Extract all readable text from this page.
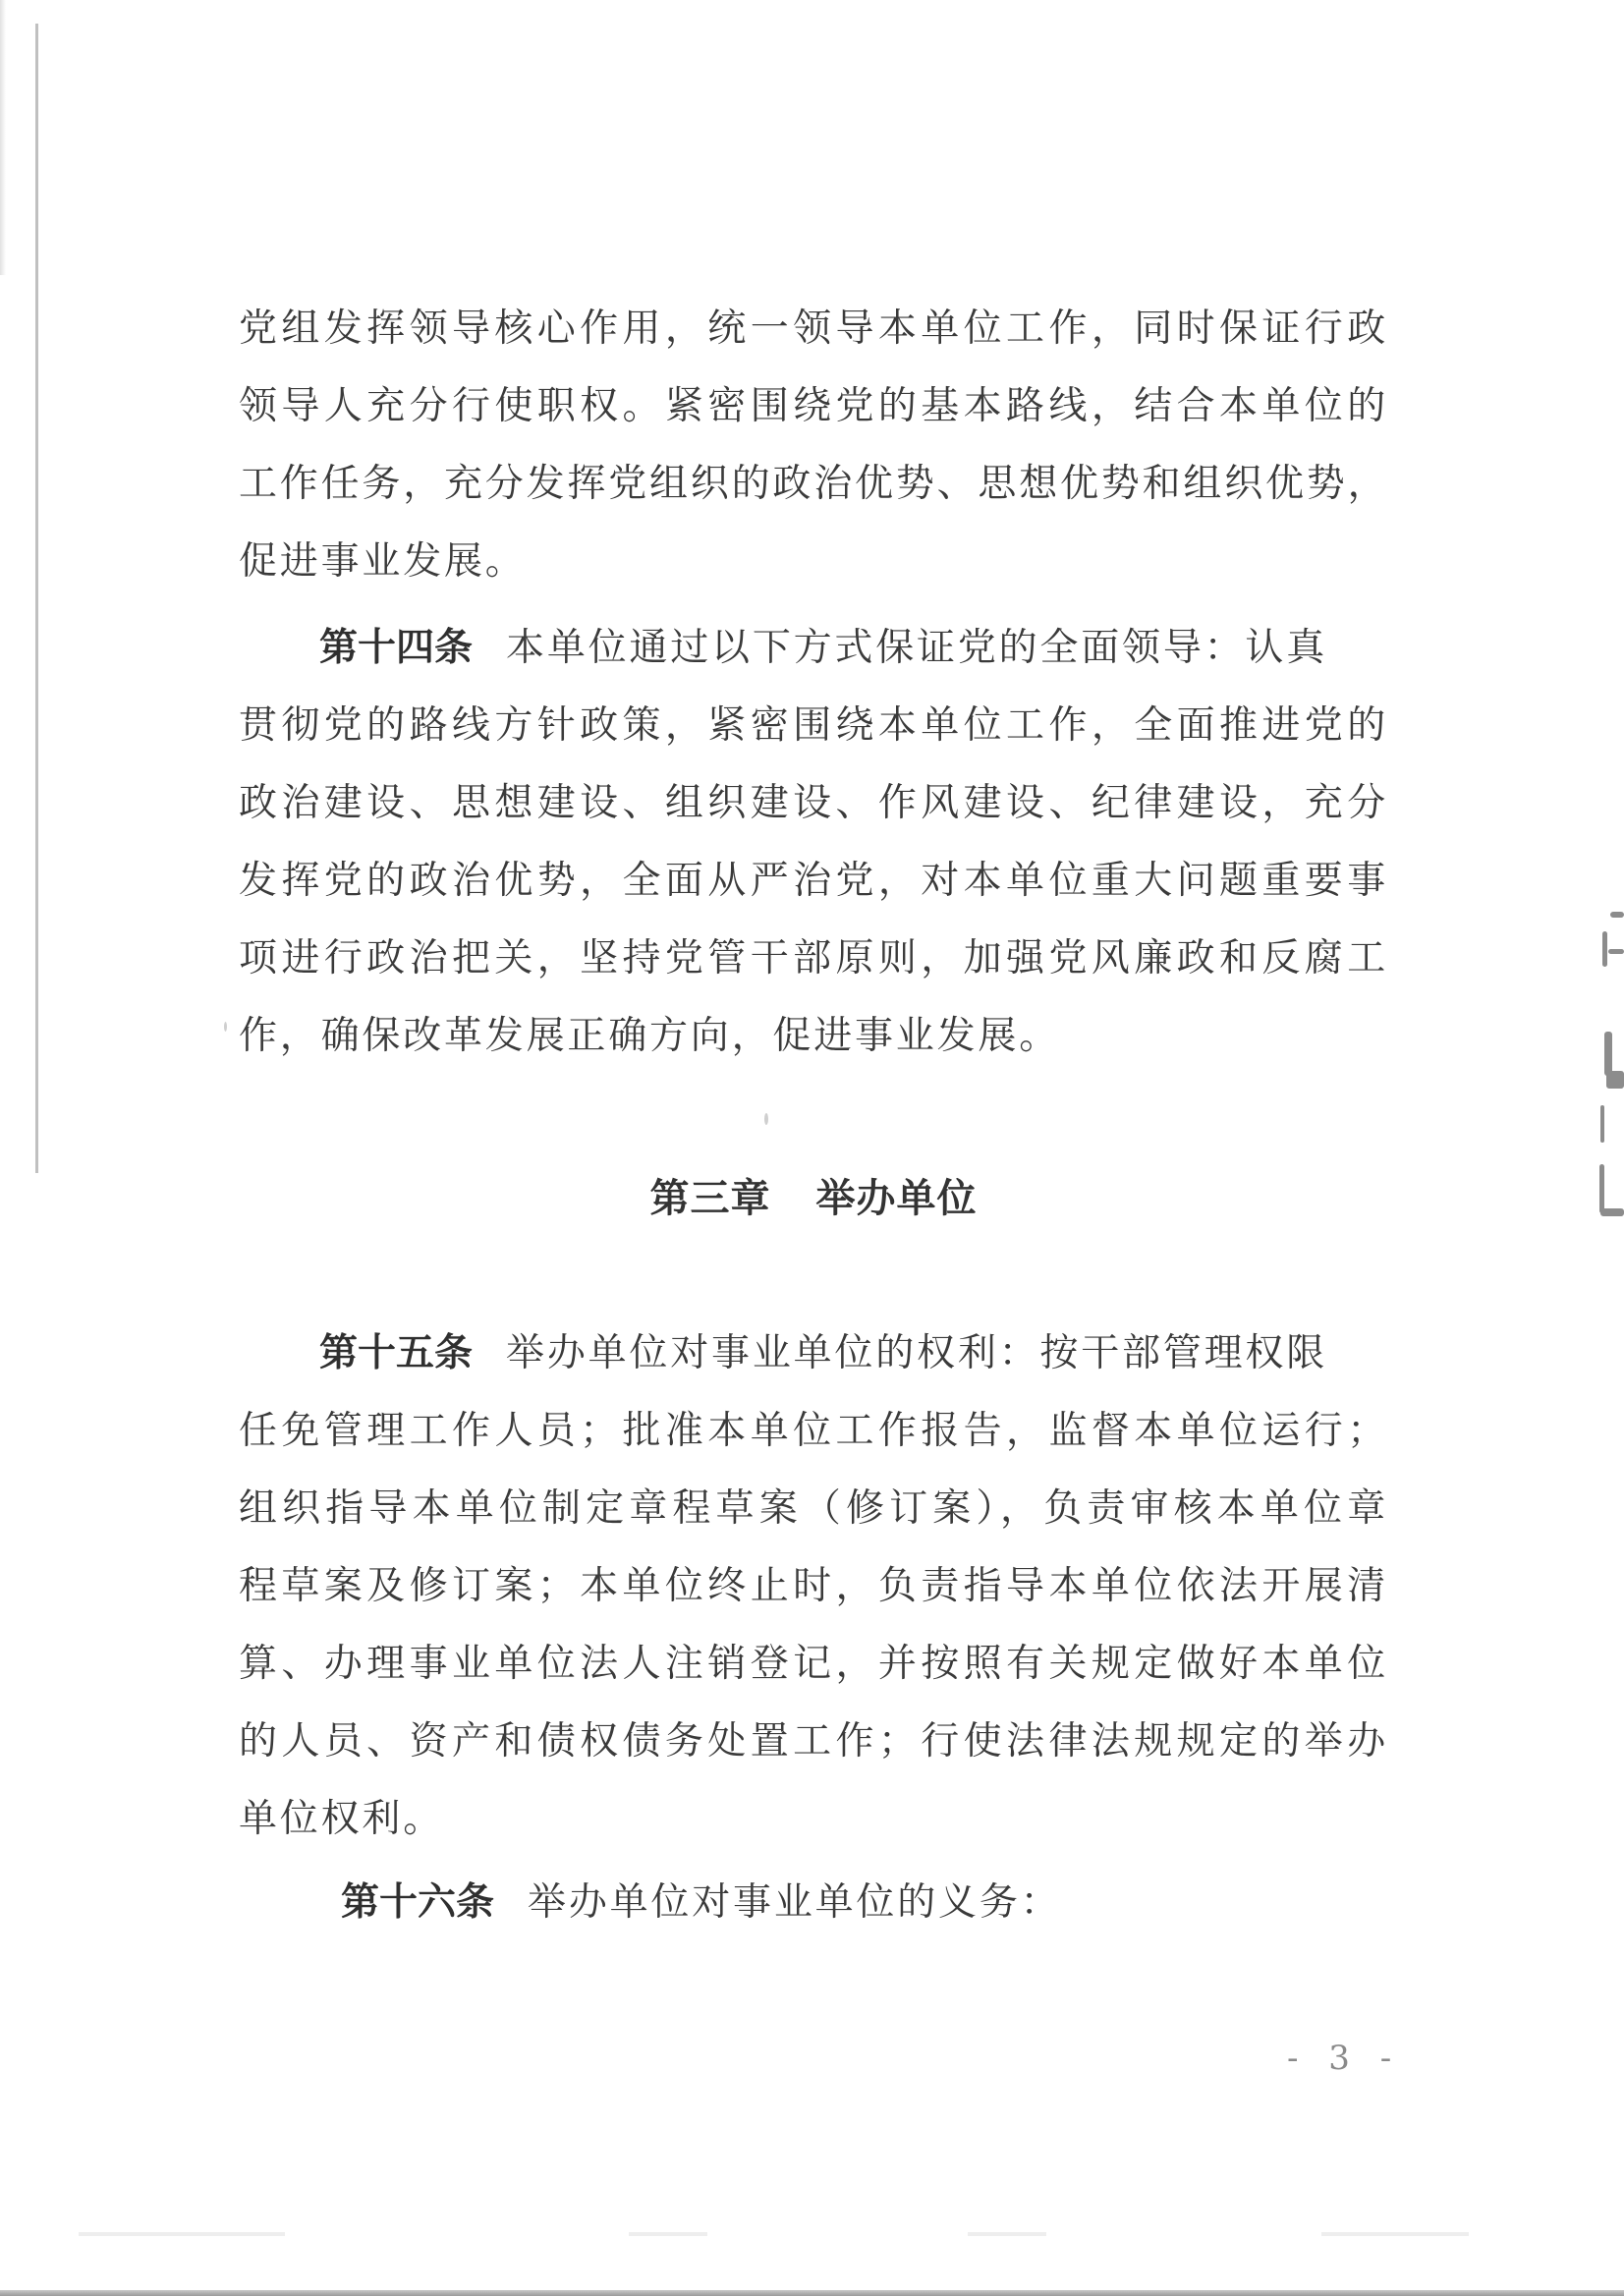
党组发挥领导核心作用，统一领导本单位工作，同时保证行政
领导人充分行使职权。紧密围绕党的基本路线，结合本单位的
工作任务，充分发挥党组织的政治优势、思想优势和组织优势，
促进事业发展。
第十四条 本单位通过以下方式保证党的全面领导：认真
贯彻党的路线方针政策，紧密围绕本单位工作，全面推进党的
政治建设、思想建设、组织建设、作风建设、纪律建设，充分
发挥党的政治优势，全面从严治党，对本单位重大问题重要事
项进行政治把关，坚持党管干部原则，加强党风廉政和反腐工
作，确保改革发展正确方向，促进事业发展。
第三章 举办单位
第十五条 举办单位对事业单位的权利：按干部管理权限
任免管理工作人员；批准本单位工作报告，监督本单位运行；
组织指导本单位制定章程草案（修订案），负责审核本单位章
程草案及修订案；本单位终止时，负责指导本单位依法开展清
算、办理事业单位法人注销登记，并按照有关规定做好本单位
的人员、资产和债权债务处置工作；行使法律法规规定的举办
单位权利。
第十六条 举办单位对事业单位的义务：
- 3 -
